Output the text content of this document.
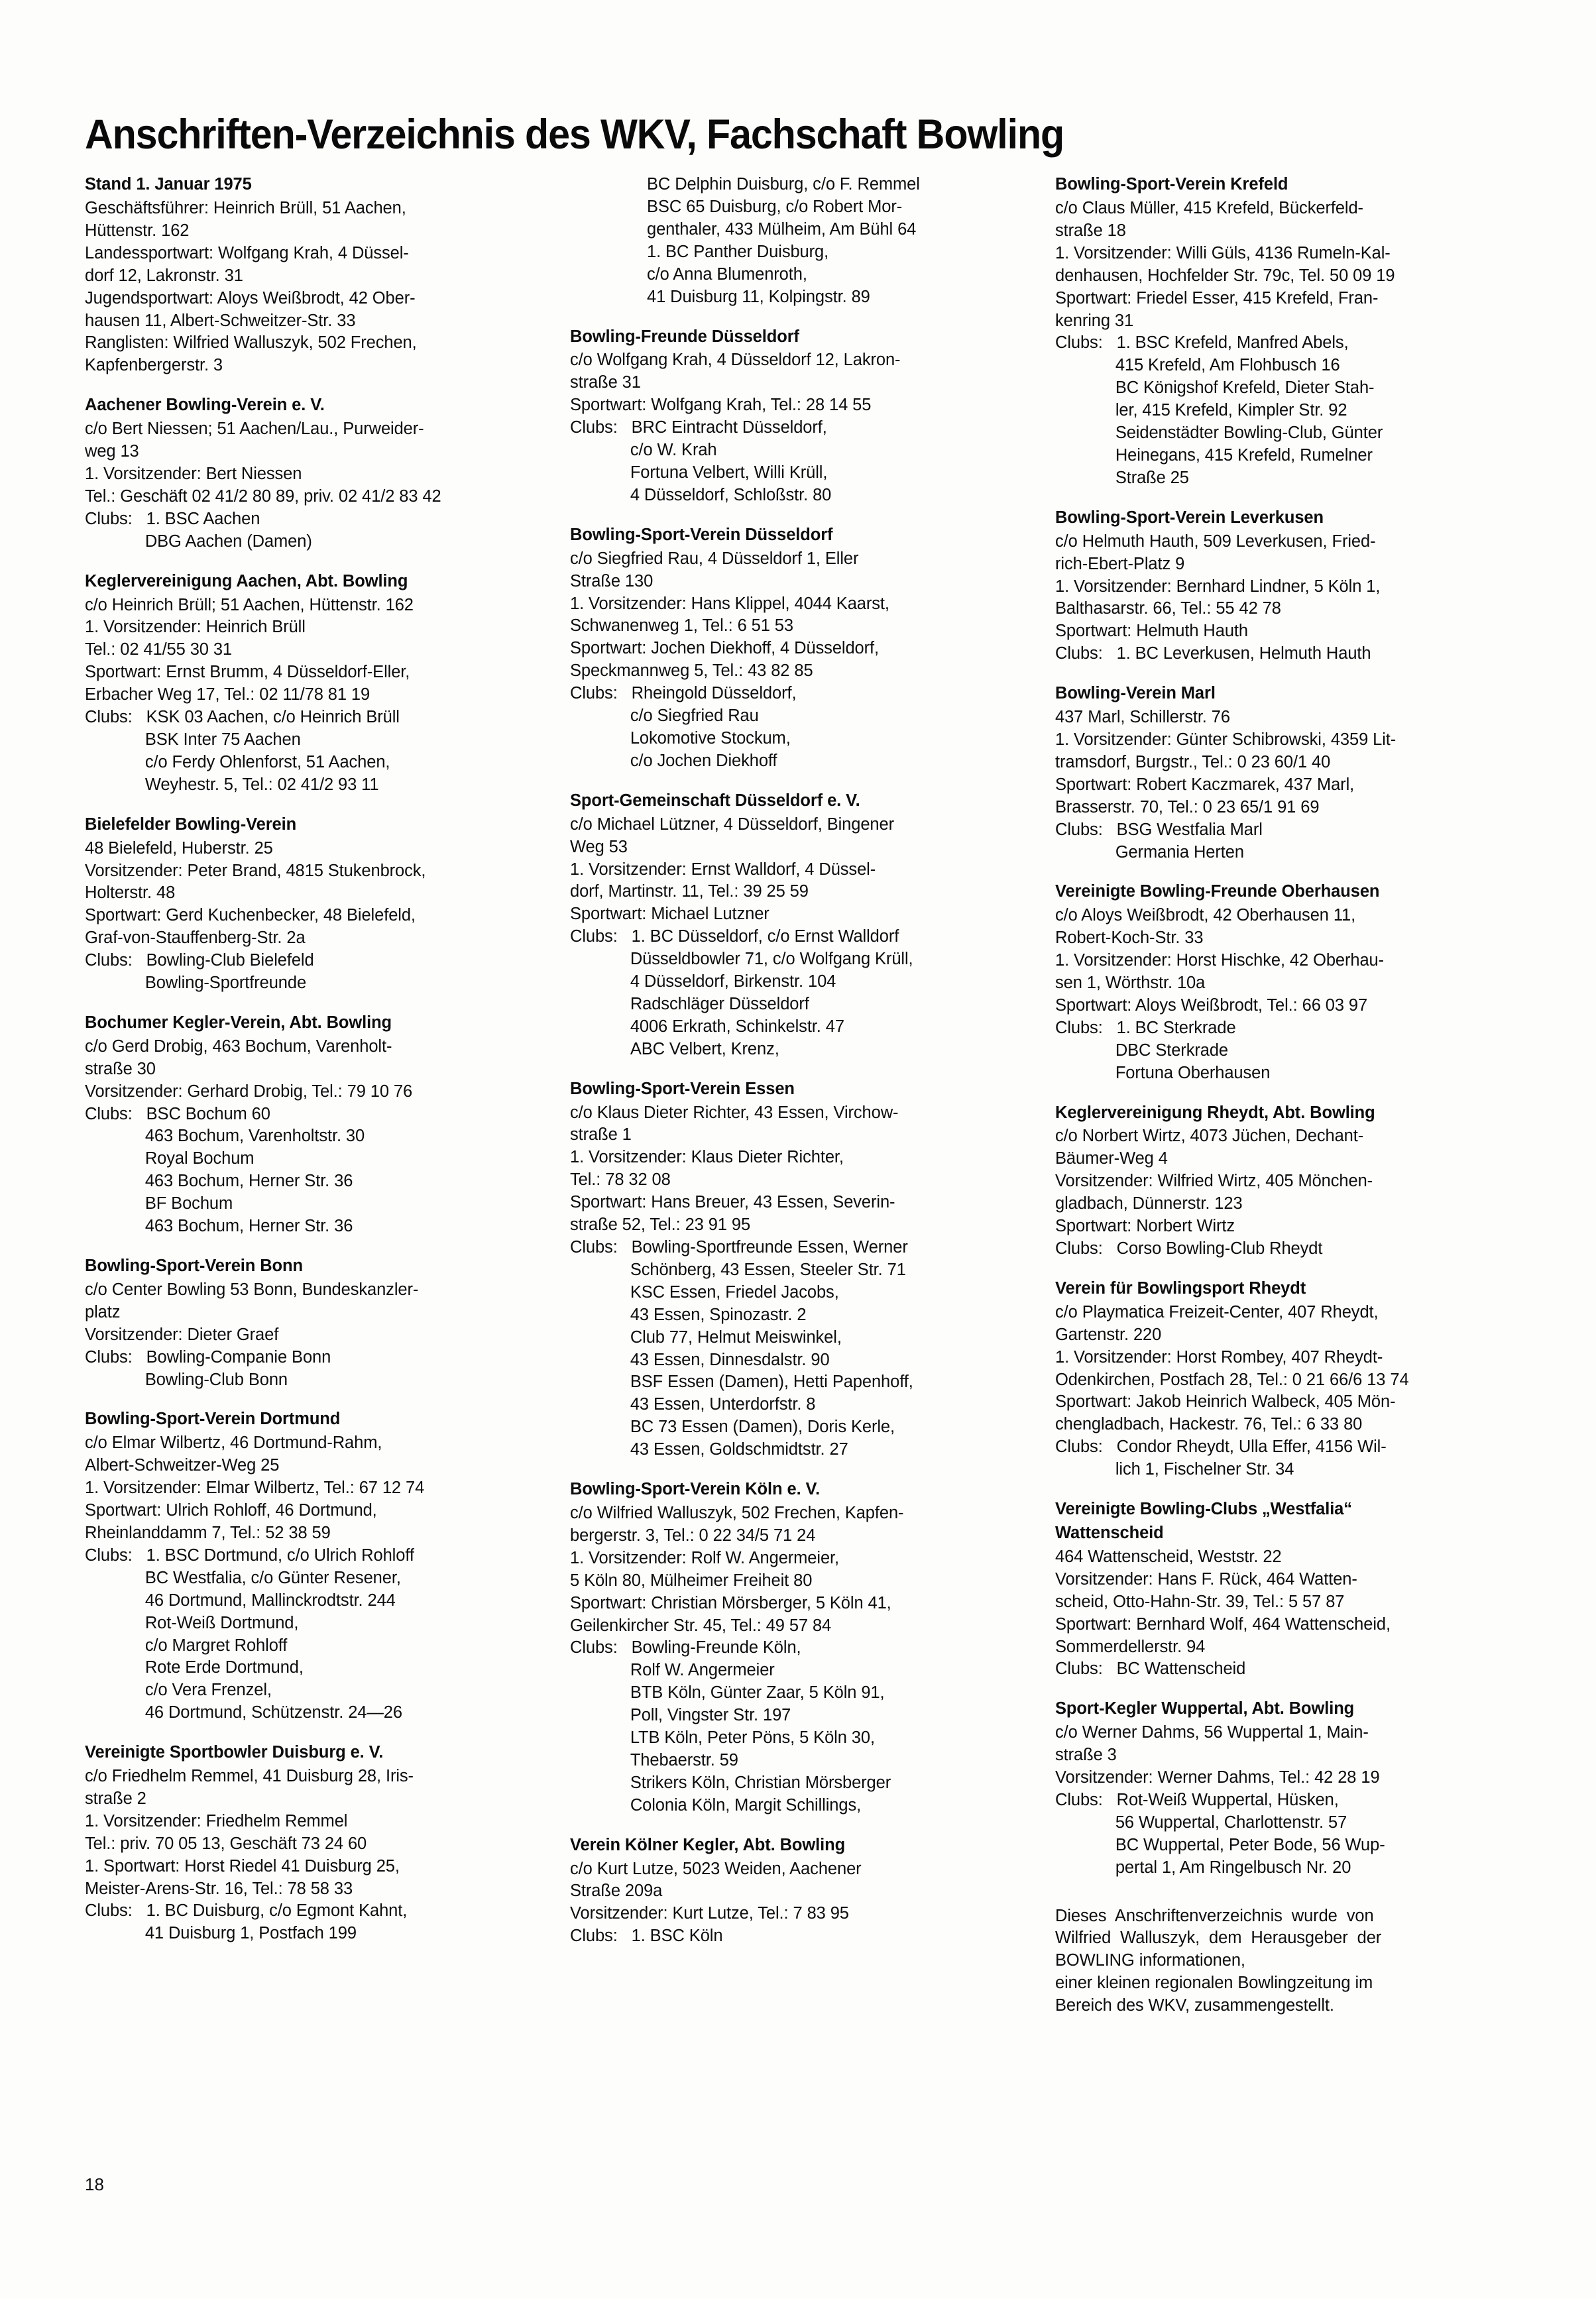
Anschriften-Verzeichnis des WKV, Fachschaft Bowling
Stand 1. Januar 1975
Geschäftsführer: Heinrich Brüll, 51 Aachen,
Hüttenstr. 162
Landessportwart: Wolfgang Krah, 4 Düssel-
dorf 12, Lakronstr. 31
Jugendsportwart: Aloys Weißbrodt, 42 Ober-
hausen 11, Albert-Schweitzer-Str. 33
Ranglisten: Wilfried Walluszyk, 502 Frechen,
Kapfenbergerstr. 3
Aachener Bowling-Verein e. V.
c/o Bert Niessen; 51 Aachen/Lau., Purweider-
weg 13
1. Vorsitzender: Bert Niessen
Tel.: Geschäft 02 41/2 80 89, priv. 02 41/2 83 42
Clubs:   1. BSC Aachen
DBG Aachen (Damen)
Keglervereinigung Aachen, Abt. Bowling
c/o Heinrich Brüll; 51 Aachen, Hüttenstr. 162
1. Vorsitzender: Heinrich Brüll
Tel.: 02 41/55 30 31
Sportwart: Ernst Brumm, 4 Düsseldorf-Eller,
Erbacher Weg 17, Tel.: 02 11/78 81 19
Clubs:   KSK 03 Aachen, c/o Heinrich Brüll
BSK Inter 75 Aachen
c/o Ferdy Ohlenforst, 51 Aachen,
Weyhestr. 5, Tel.: 02 41/2 93 11
Bielefelder Bowling-Verein
48 Bielefeld, Huberstr. 25
Vorsitzender: Peter Brand, 4815 Stukenbrock,
Holterstr. 48
Sportwart: Gerd Kuchenbecker, 48 Bielefeld,
Graf-von-Stauffenberg-Str. 2a
Clubs:   Bowling-Club Bielefeld
Bowling-Sportfreunde
Bochumer Kegler-Verein, Abt. Bowling
c/o Gerd Drobig, 463 Bochum, Varenholt-
straße 30
Vorsitzender: Gerhard Drobig, Tel.: 79 10 76
Clubs:   BSC Bochum 60
463 Bochum, Varenholtstr. 30
Royal Bochum
463 Bochum, Herner Str. 36
BF Bochum
463 Bochum, Herner Str. 36
Bowling-Sport-Verein Bonn
c/o Center Bowling 53 Bonn, Bundeskanzler-
platz
Vorsitzender: Dieter Graef
Clubs:   Bowling-Companie Bonn
Bowling-Club Bonn
Bowling-Sport-Verein Dortmund
c/o Elmar Wilbertz, 46 Dortmund-Rahm,
Albert-Schweitzer-Weg 25
1. Vorsitzender: Elmar Wilbertz, Tel.: 67 12 74
Sportwart: Ulrich Rohloff, 46 Dortmund,
Rheinlanddamm 7, Tel.: 52 38 59
Clubs:   1. BSC Dortmund, c/o Ulrich Rohloff
BC Westfalia, c/o Günter Resener,
46 Dortmund, Mallinckrodtstr. 244
Rot-Weiß Dortmund,
c/o Margret Rohloff
Rote Erde Dortmund,
c/o Vera Frenzel,
46 Dortmund, Schützenstr. 24—26
Vereinigte Sportbowler Duisburg e. V.
c/o Friedhelm Remmel, 41 Duisburg 28, Iris-
straße 2
1. Vorsitzender: Friedhelm Remmel
Tel.: priv. 70 05 13, Geschäft 73 24 60
1. Sportwart: Horst Riedel 41 Duisburg 25,
Meister-Arens-Str. 16, Tel.: 78 58 33
Clubs:   1. BC Duisburg, c/o Egmont Kahnt,
41 Duisburg 1, Postfach 199
BC Delphin Duisburg, c/o F. Remmel
BSC 65 Duisburg, c/o Robert Mor-
genthaler, 433 Mülheim, Am Bühl 64
1. BC Panther Duisburg,
c/o Anna Blumenroth,
41 Duisburg 11, Kolpingstr. 89
Bowling-Freunde Düsseldorf
c/o Wolfgang Krah, 4 Düsseldorf 12, Lakron-
straße 31
Sportwart: Wolfgang Krah, Tel.: 28 14 55
Clubs:   BRC Eintracht Düsseldorf,
c/o W. Krah
Fortuna Velbert, Willi Krüll,
4 Düsseldorf, Schloßstr. 80
Bowling-Sport-Verein Düsseldorf
c/o Siegfried Rau, 4 Düsseldorf 1, Eller
Straße 130
1. Vorsitzender: Hans Klippel, 4044 Kaarst,
Schwanenweg 1, Tel.: 6 51 53
Sportwart: Jochen Diekhoff, 4 Düsseldorf,
Speckmannweg 5, Tel.: 43 82 85
Clubs:   Rheingold Düsseldorf,
c/o Siegfried Rau
Lokomotive Stockum,
c/o Jochen Diekhoff
Sport-Gemeinschaft Düsseldorf e. V.
c/o Michael Lützner, 4 Düsseldorf, Bingener
Weg 53
1. Vorsitzender: Ernst Walldorf, 4 Düssel-
dorf, Martinstr. 11, Tel.: 39 25 59
Sportwart: Michael Lutzner
Clubs:   1. BC Düsseldorf, c/o Ernst Walldorf
Düsseldbowler 71, c/o Wolfgang Krüll,
4 Düsseldorf, Birkenstr. 104
Radschläger Düsseldorf
4006 Erkrath, Schinkelstr. 47
ABC Velbert, Krenz,
Bowling-Sport-Verein Essen
c/o Klaus Dieter Richter, 43 Essen, Virchow-
straße 1
1. Vorsitzender: Klaus Dieter Richter,
Tel.: 78 32 08
Sportwart: Hans Breuer, 43 Essen, Severin-
straße 52, Tel.: 23 91 95
Clubs:   Bowling-Sportfreunde Essen, Werner
Schönberg, 43 Essen, Steeler Str. 71
KSC Essen, Friedel Jacobs,
43 Essen, Spinozastr. 2
Club 77, Helmut Meiswinkel,
43 Essen, Dinnesdalstr. 90
BSF Essen (Damen), Hetti Papenhoff,
43 Essen, Unterdorfstr. 8
BC 73 Essen (Damen), Doris Kerle,
43 Essen, Goldschmidtstr. 27
Bowling-Sport-Verein Köln e. V.
c/o Wilfried Walluszyk, 502 Frechen, Kapfen-
bergerstr. 3, Tel.: 0 22 34/5 71 24
1. Vorsitzender: Rolf W. Angermeier,
5 Köln 80, Mülheimer Freiheit 80
Sportwart: Christian Mörsberger, 5 Köln 41,
Geilenkircher Str. 45, Tel.: 49 57 84
Clubs:   Bowling-Freunde Köln,
Rolf W. Angermeier
BTB Köln, Günter Zaar, 5 Köln 91,
Poll, Vingster Str. 197
LTB Köln, Peter Pöns, 5 Köln 30,
Thebaerstr. 59
Strikers Köln, Christian Mörsberger
Colonia Köln, Margit Schillings,
Verein Kölner Kegler, Abt. Bowling
c/o Kurt Lutze, 5023 Weiden, Aachener
Straße 209a
Vorsitzender: Kurt Lutze, Tel.: 7 83 95
Clubs:   1. BSC Köln
Bowling-Sport-Verein Krefeld
c/o Claus Müller, 415 Krefeld, Bückerfeld-
straße 18
1. Vorsitzender: Willi Güls, 4136 Rumeln-Kal-
denhausen, Hochfelder Str. 79c, Tel. 50 09 19
Sportwart: Friedel Esser, 415 Krefeld, Fran-
kenring 31
Clubs:   1. BSC Krefeld, Manfred Abels,
415 Krefeld, Am Flohbusch 16
BC Königshof Krefeld, Dieter Stah-
ler, 415 Krefeld, Kimpler Str. 92
Seidenstädter Bowling-Club, Günter
Heinegans, 415 Krefeld, Rumelner
Straße 25
Bowling-Sport-Verein Leverkusen
c/o Helmuth Hauth, 509 Leverkusen, Fried-
rich-Ebert-Platz 9
1. Vorsitzender: Bernhard Lindner, 5 Köln 1,
Balthasarstr. 66, Tel.: 55 42 78
Sportwart: Helmuth Hauth
Clubs:   1. BC Leverkusen, Helmuth Hauth
Bowling-Verein Marl
437 Marl, Schillerstr. 76
1. Vorsitzender: Günter Schibrowski, 4359 Lit-
tramsdorf, Burgstr., Tel.: 0 23 60/1 40
Sportwart: Robert Kaczmarek, 437 Marl,
Brasserstr. 70, Tel.: 0 23 65/1 91 69
Clubs:   BSG Westfalia Marl
Germania Herten
Vereinigte Bowling-Freunde Oberhausen
c/o Aloys Weißbrodt, 42 Oberhausen 11,
Robert-Koch-Str. 33
1. Vorsitzender: Horst Hischke, 42 Oberhau-
sen 1, Wörthstr. 10a
Sportwart: Aloys Weißbrodt, Tel.: 66 03 97
Clubs:   1. BC Sterkrade
DBC Sterkrade
Fortuna Oberhausen
Keglervereinigung Rheydt, Abt. Bowling
c/o Norbert Wirtz, 4073 Jüchen, Dechant-
Bäumer-Weg 4
Vorsitzender: Wilfried Wirtz, 405 Mönchen-
gladbach, Dünnerstr. 123
Sportwart: Norbert Wirtz
Clubs:   Corso Bowling-Club Rheydt
Verein für Bowlingsport Rheydt
c/o Playmatica Freizeit-Center, 407 Rheydt,
Gartenstr. 220
1. Vorsitzender: Horst Rombey, 407 Rheydt-
Odenkirchen, Postfach 28, Tel.: 0 21 66/6 13 74
Sportwart: Jakob Heinrich Walbeck, 405 Mön-
chengladbach, Hackestr. 76, Tel.: 6 33 80
Clubs:   Condor Rheydt, Ulla Effer, 4156 Wil-
lich 1, Fischelner Str. 34
Vereinigte Bowling-Clubs „Westfalia“
Wattenscheid
464 Wattenscheid, Weststr. 22
Vorsitzender: Hans F. Rück, 464 Watten-
scheid, Otto-Hahn-Str. 39, Tel.: 5 57 87
Sportwart: Bernhard Wolf, 464 Wattenscheid,
Sommerdellerstr. 94
Clubs:   BC Wattenscheid
Sport-Kegler Wuppertal, Abt. Bowling
c/o Werner Dahms, 56 Wuppertal 1, Main-
straße 3
Vorsitzender: Werner Dahms, Tel.: 42 28 19
Clubs:   Rot-Weiß Wuppertal, Hüsken,
56 Wuppertal, Charlottenstr. 57
BC Wuppertal, Peter Bode, 56 Wup-
pertal 1, Am Ringelbusch Nr. 20
Dieses  Anschriftenverzeichnis  wurde  von
Wilfried  Walluszyk,  dem  Herausgeber  der
BOWLING informationen,
einer kleinen regionalen Bowlingzeitung im
Bereich des WKV, zusammengestellt.
18
